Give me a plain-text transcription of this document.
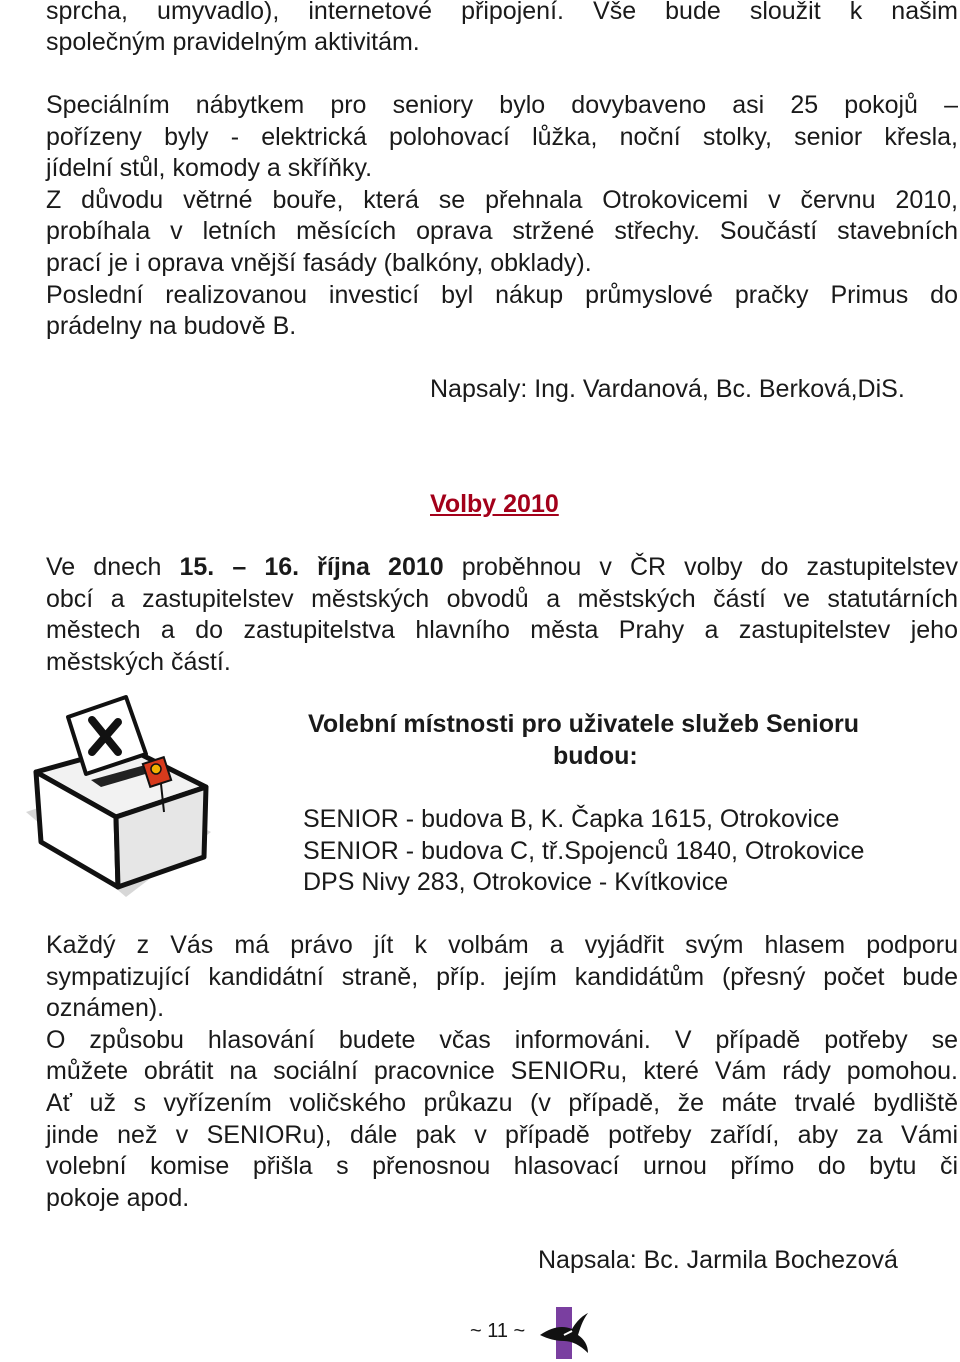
sprcha, umyvadlo), internetové připojení. Vše bude sloužit k našim
společným pravidelným aktivitám.
Speciálním nábytkem pro seniory bylo dovybaveno asi 25 pokojů –
pořízeny byly - elektrická polohovací lůžka, noční stolky, senior křesla,
jídelní stůl, komody a skříňky.
Z důvodu větrné bouře, která se přehnala Otrokovicemi v červnu 2010,
probíhala v letních měsících oprava stržené střechy. Součástí stavebních
prací je i oprava vnější fasády (balkóny, obklady).
Poslední realizovanou investicí byl nákup průmyslové pračky Primus do
prádelny na budově B.
Napsaly: Ing. Vardanová, Bc. Berková,DiS.
Volby 2010
Ve dnech 15. – 16. října 2010 proběhnou v ČR volby do zastupitelstev
obcí a zastupitelstev městských obvodů a městských částí ve statutárních
městech a do zastupitelstva hlavního města Prahy a zastupitelstev jeho
městských částí.
Volební místnosti pro uživatele služeb Senioru
budou:
SENIOR - budova B, K. Čapka 1615, Otrokovice
SENIOR - budova C, tř.Spojenců 1840, Otrokovice
DPS Nivy 283, Otrokovice - Kvítkovice
Každý z Vás má právo jít k volbám a vyjádřit svým hlasem podporu
sympatizující kandidátní straně, příp. jejím kandidátům (přesný počet bude
oznámen).
O způsobu hlasování budete včas informováni. V případě potřeby se
můžete obrátit na sociální pracovnice SENIORu, které Vám rády pomohou.
Ať už s vyřízením voličského průkazu (v případě, že máte trvalé bydliště
jinde než v SENIORu), dále pak v případě potřeby zařídí, aby za Vámi
volební komise přišla s přenosnou hlasovací urnou přímo do bytu či
pokoje apod.
Napsala: Bc. Jarmila Bochezová
~ 11 ~
